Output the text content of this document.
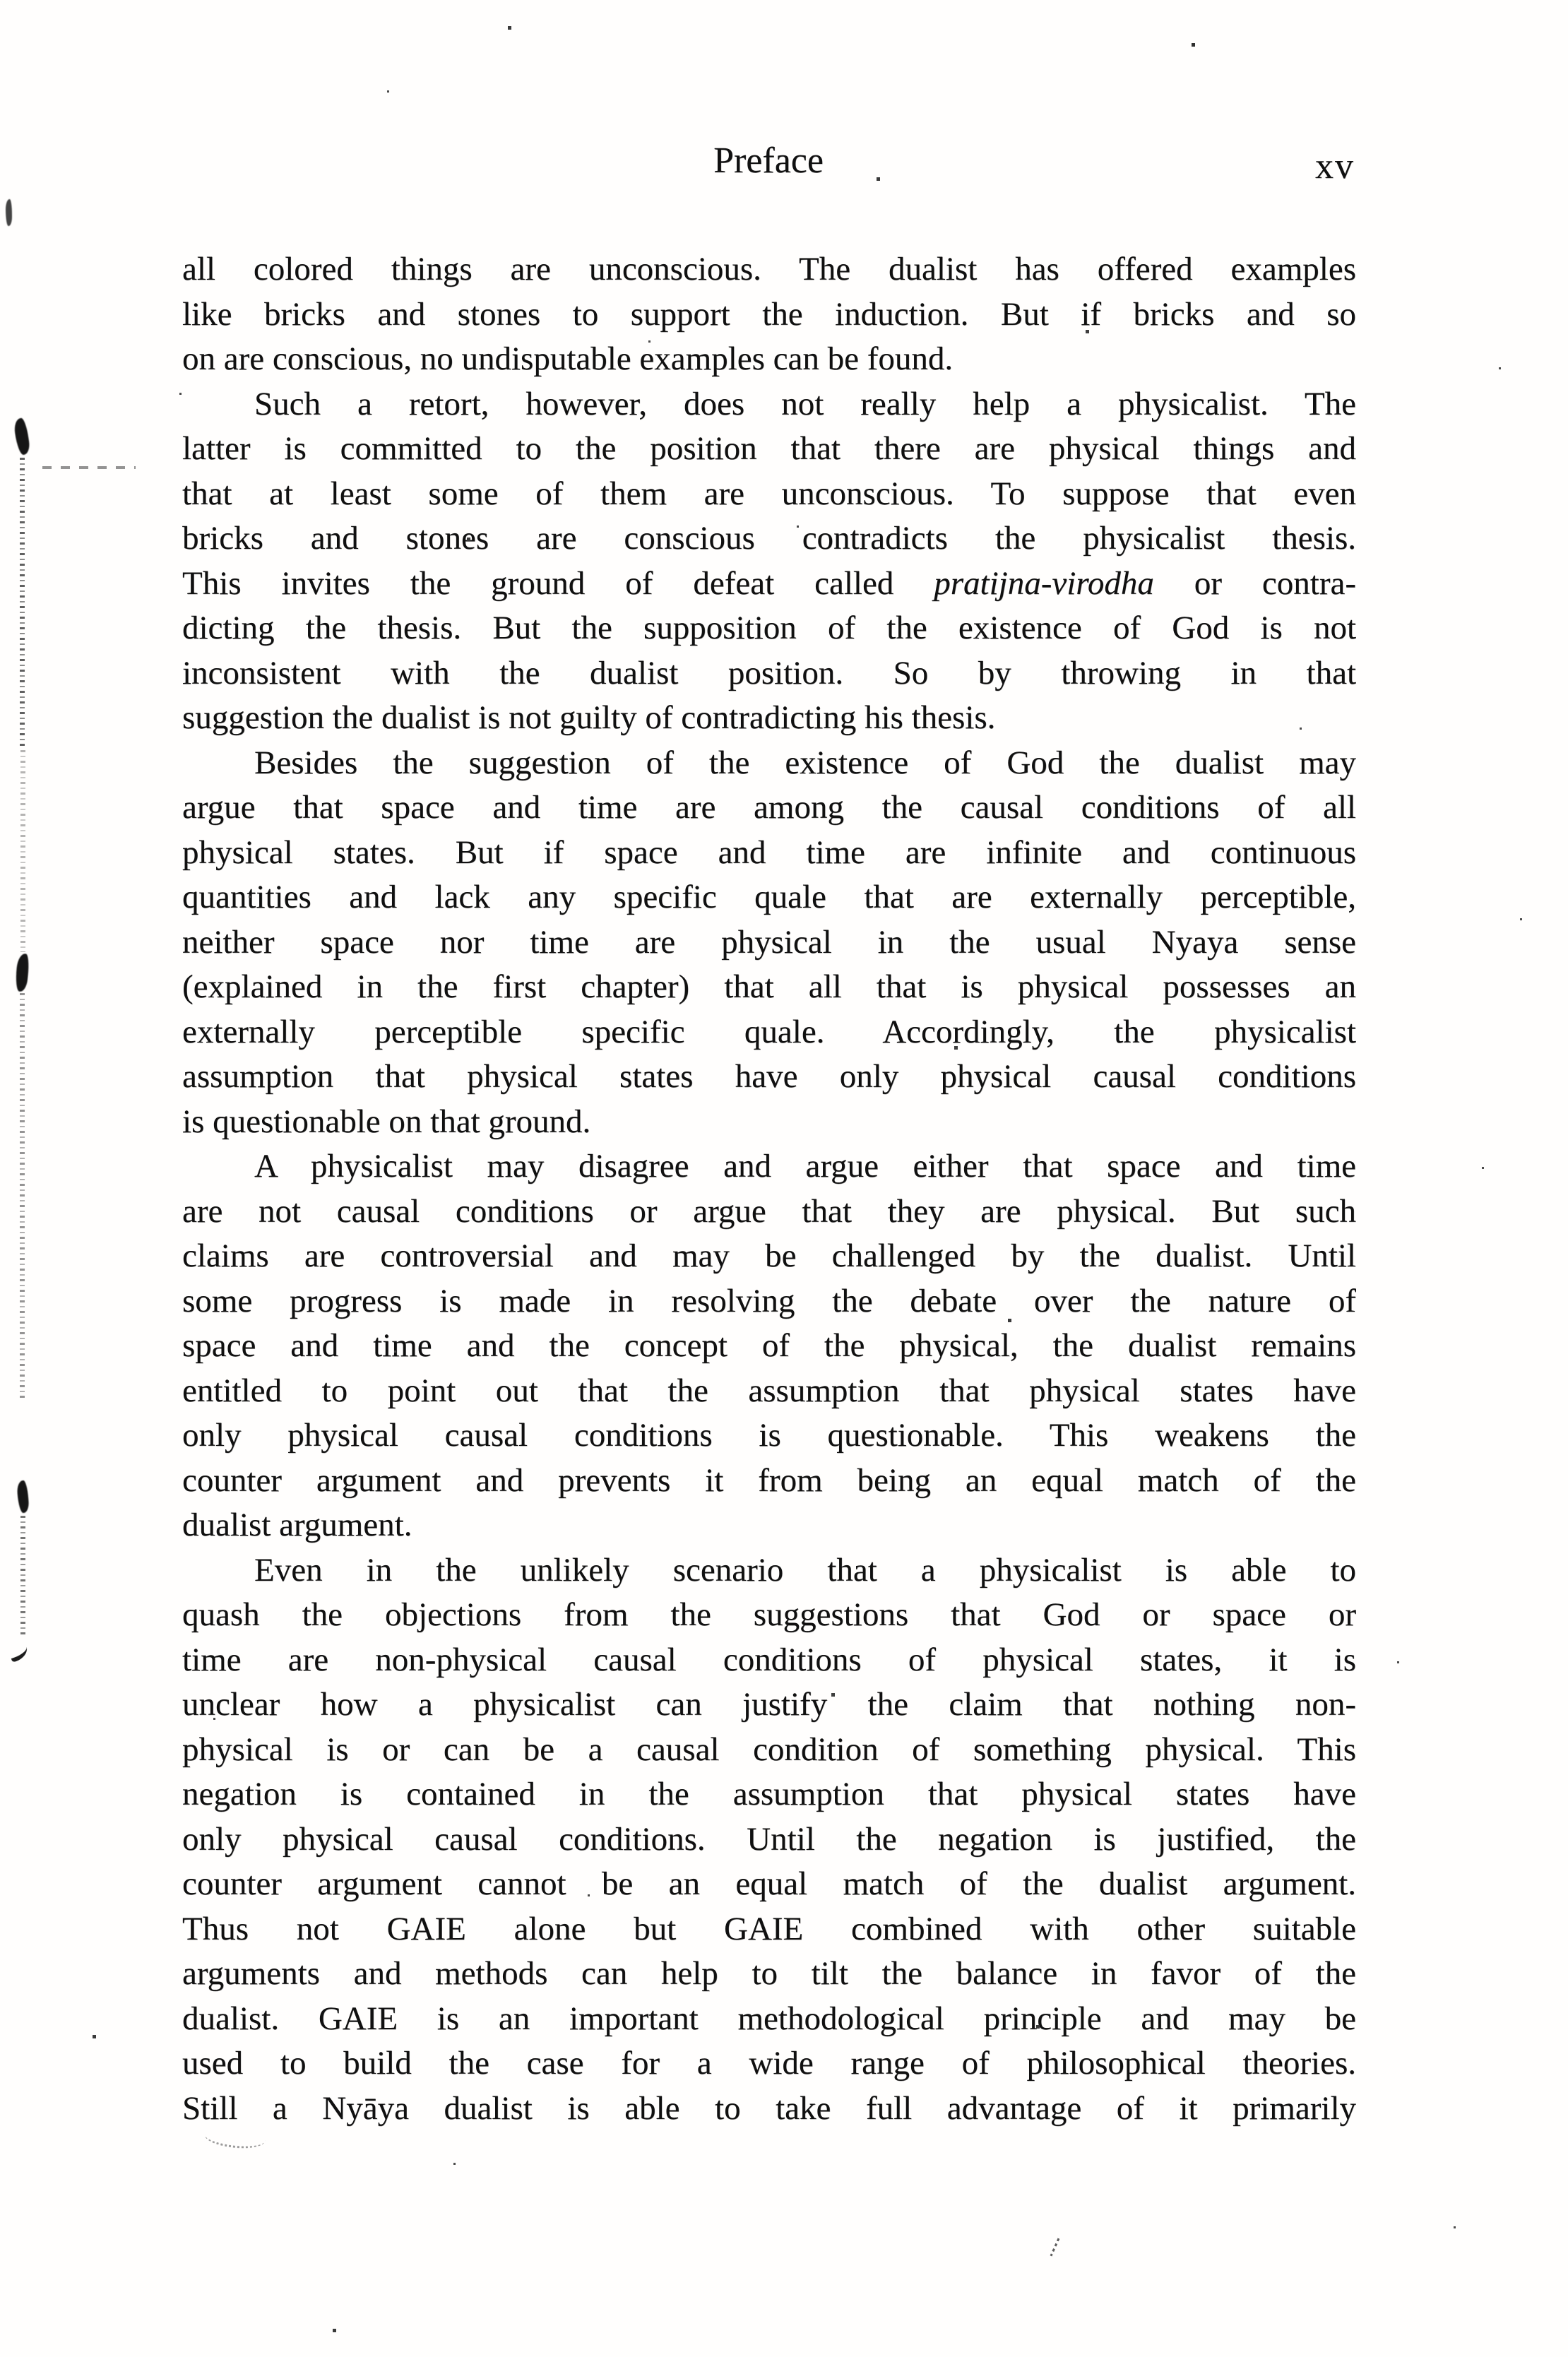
Preface	xv
all colored things are unconscious. The dualist has offered examples
like bricks and stones to support the induction. But if bricks and so
on are conscious, no undisputable examples can be found.
Such a retort, however, does not really help a physicalist. The
latter is committed to the position that there are physical things and
that at least some of them are unconscious. To suppose that even
bricks and stones are conscious contradicts the physicalist thesis.
This invites the ground of defeat called pratijna-virodha or contra-
dicting the thesis. But the supposition of the existence of God is not
inconsistent with the dualist position. So by throwing in that
suggestion the dualist is not guilty of contradicting his thesis.
Besides the suggestion of the existence of God the dualist may
argue that space and time are among the causal conditions of all
physical states. But if space and time are infinite and continuous
quantities and lack any specific quale that are externally perceptible,
neither space nor time are physical in the usual Nyaya sense
(explained in the first chapter) that all that is physical possesses an
externally perceptible specific quale. Accordingly, the physicalist
assumption that physical states have only physical causal conditions
is questionable on that ground.
A physicalist may disagree and argue either that space and time
are not causal conditions or argue that they are physical. But such
claims are controversial and may be challenged by the dualist. Until
some progress is made in resolving the debate over the nature of
space and time and the concept of the physical, the dualist remains
entitled to point out that the assumption that physical states have
only physical causal conditions is questionable. This weakens the
counter argument and prevents it from being an equal match of the
dualist argument.
Even in the unlikely scenario that a physicalist is able to
quash the objections from the suggestions that God or space or
time are non-physical causal conditions of physical states, it is
unclear how a physicalist can justify the claim that nothing non-
physical is or can be a causal condition of something physical. This
negation is contained in the assumption that physical states have
only physical causal conditions. Until the negation is justified, the
counter argument cannot be an equal match of the dualist argument.
Thus not GAIE alone but GAIE combined with other suitable
arguments and methods can help to tilt the balance in favor of the
dualist. GAIE is an important methodological principle and may be
used to build the case for a wide range of philosophical theories.
Still a Nyāya dualist is able to take full advantage of it primarily
